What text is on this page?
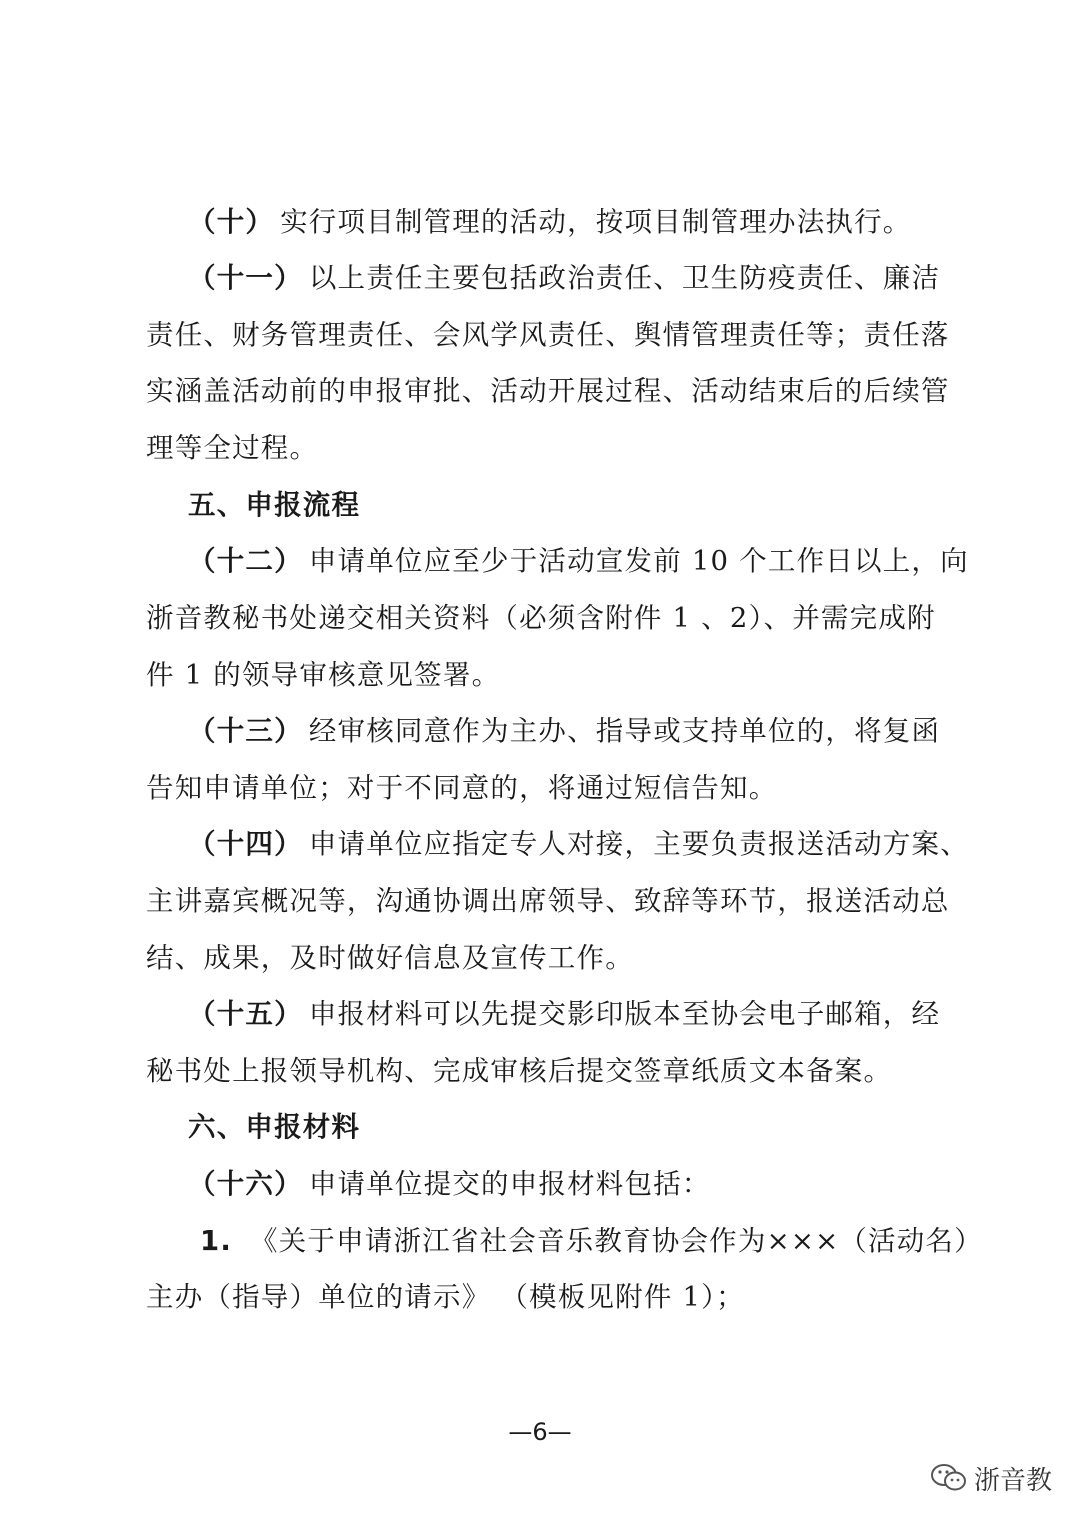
（十） 实行项目制管理的活动，按项目制管理办法执行。
（十一） 以上责任主要包括政治责任、卫生防疫责任、廉洁
责任、财务管理责任、会风学风责任、舆情管理责任等；责任落
实涵盖活动前的申报审批、活动开展过程、活动结束后的后续管
理等全过程。
五、申报流程
（十二） 申请单位应至少于活动宣发前 10 个工作日以上，向
浙音教秘书处递交相关资料（必须含附件 1 、2）、并需完成附
件 1 的领导审核意见签署。
（十三） 经审核同意作为主办、指导或支持单位的，将复函
告知申请单位；对于不同意的，将通过短信告知。
（十四） 申请单位应指定专人对接，主要负责报送活动方案、
主讲嘉宾概况等，沟通协调出席领导、致辞等环节，报送活动总
结、成果，及时做好信息及宣传工作。
（十五） 申报材料可以先提交影印版本至协会电子邮箱，经
秘书处上报领导机构、完成审核后提交签章纸质文本备案。
六、申报材料
（十六） 申请单位提交的申报材料包括：
1. 《关于申请浙江省社会音乐教育协会作为×××（活动名）
主办（指导）单位的请示》 （模板见附件 1）；
—6—
浙音教
